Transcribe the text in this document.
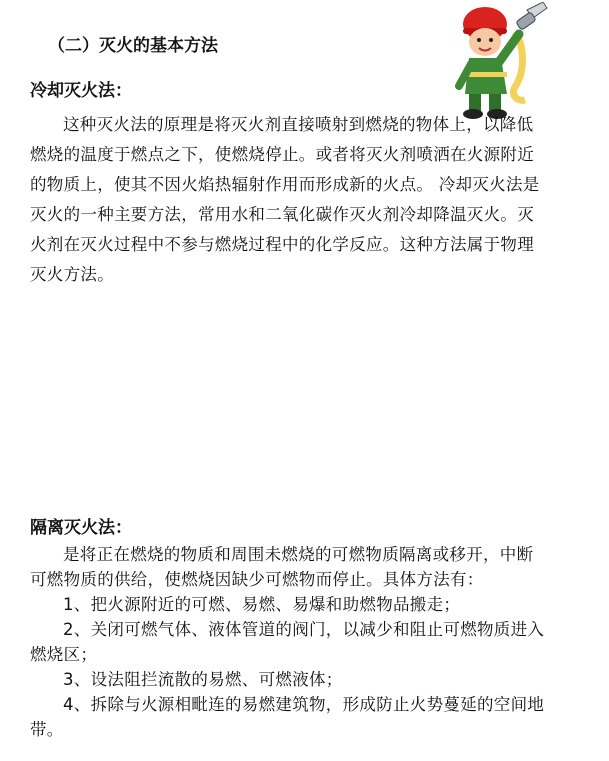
（二）灭火的基本方法

冷却灭火法：

这种灭火法的原理是将灭火剂直接喷射到燃烧的物体上，以降低燃烧的温度于燃点之下，使燃烧停止。或者将灭火剂喷洒在火源附近的物质上，使其不因火焰热辐射作用而形成新的火点。 冷却灭火法是灭火的一种主要方法，常用水和二氧化碳作灭火剂冷却降温灭火。灭火剂在灭火过程中不参与燃烧过程中的化学反应。这种方法属于物理灭火方法。

隔离灭火法：

是将正在燃烧的物质和周围未燃烧的可燃物质隔离或移开，中断可燃物质的供给，使燃烧因缺少可燃物而停止。具体方法有：

1、把火源附近的可燃、易燃、易爆和助燃物品搬走；

2、关闭可燃气体、液体管道的阀门，以减少和阻止可燃物质进入燃烧区；

3、设法阻拦流散的易燃、可燃液体；

4、拆除与火源相毗连的易燃建筑物，形成防止火势蔓延的空间地带。
